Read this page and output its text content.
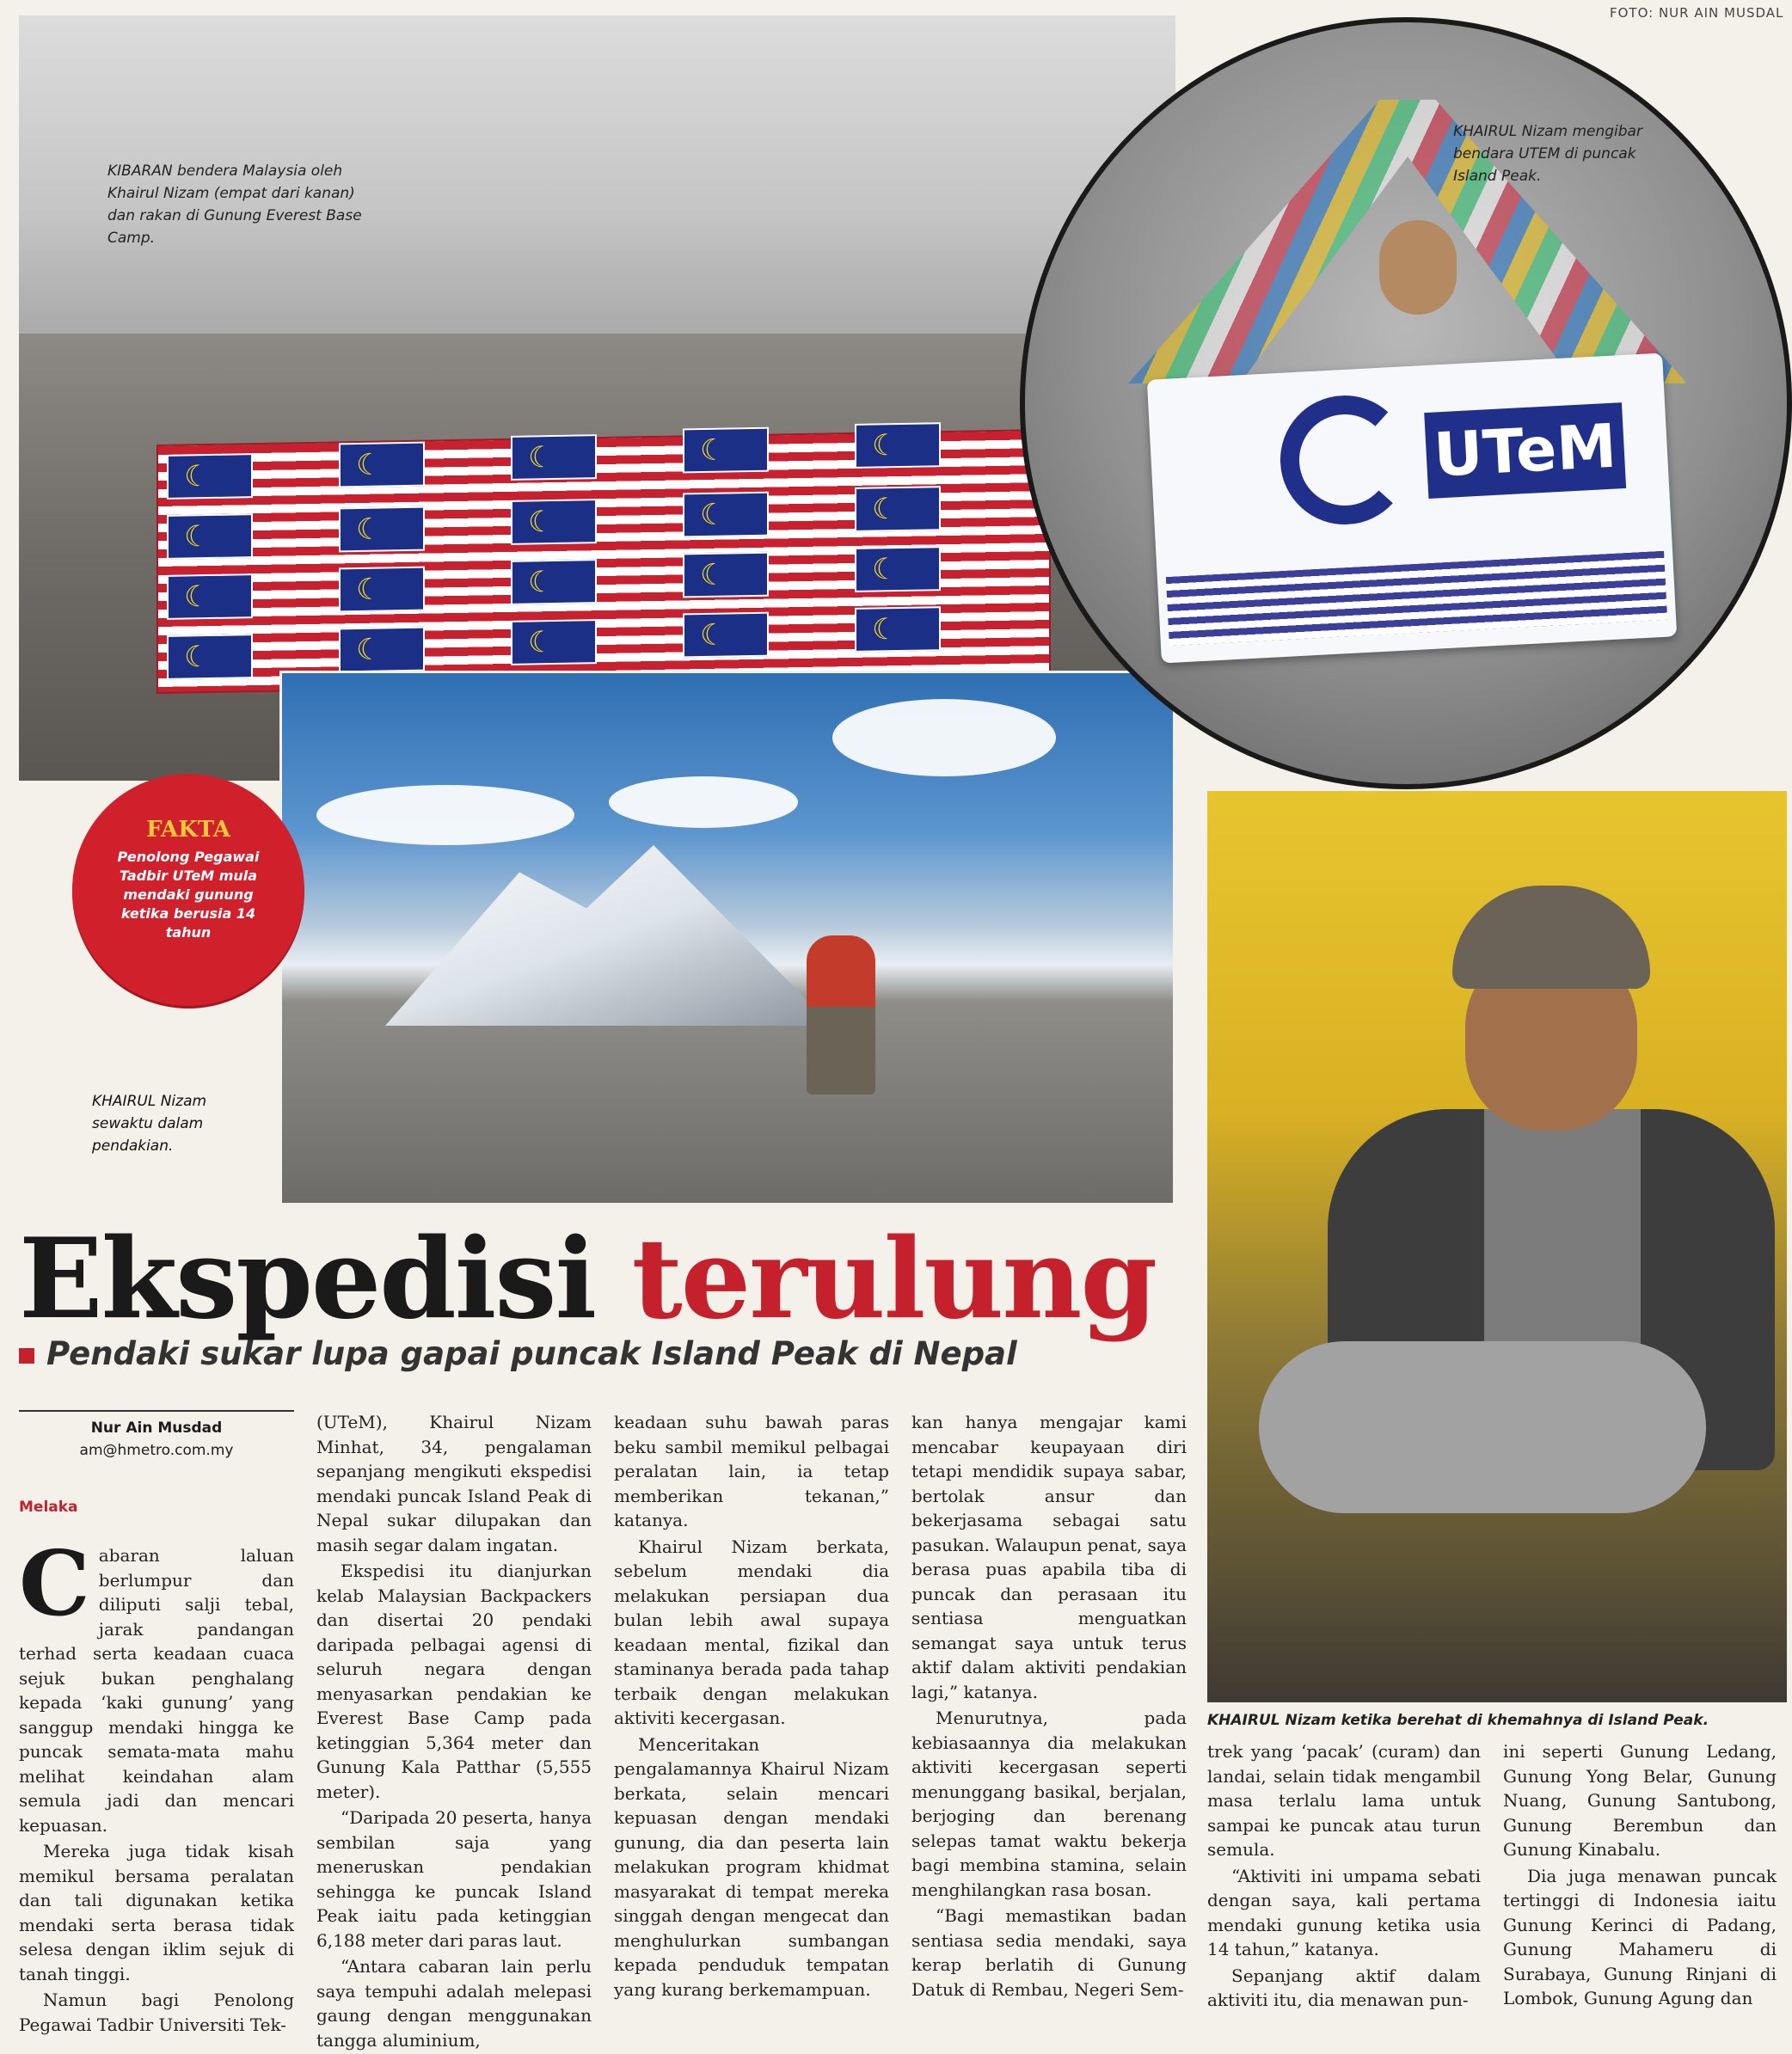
☾
☾
☾
☾
☾
☾
☾
☾
☾
☾
☾
☾
☾
☾
☾
☾
☾
☾
☾
☾
KIBARAN bendera Malaysia oleh Khairul Nizam (empat dari kanan) dan rakan di Gunung Everest Base Camp.
KHAIRUL Nizam sewaktu dalam pendakian.
UTeM
KHAIRUL Nizam mengibar bendara UTEM di puncak Island Peak.
FOTO: NUR AIN MUSDAL
KHAIRUL Nizam ketika berehat di khemahnya di Island Peak.
FAKTA
Penolong Pegawai Tadbir UTeM mula mendaki gunung ketika berusia 14 tahun
Ekspedisi terulung
Pendaki sukar lupa gapai puncak Island Peak di Nepal
Nur Ain Musdad
am@hmetro.com.my
Melaka

Cabaran laluan berlumpur dan diliputi salji tebal, jarak pandangan terhad serta keadaan cuaca sejuk bukan penghalang kepada ‘kaki gunung’ yang sanggup mendaki hingga ke puncak semata-mata mahu melihat keindahan alam semula jadi dan mencari kepuasan.

Mereka juga tidak kisah memikul bersama peralatan dan tali digunakan ketika mendaki serta berasa tidak selesa dengan iklim sejuk di tanah tinggi.

Namun bagi Penolong Pegawai Tadbir Universiti Tek-

(UTeM), Khairul Nizam Minhat, 34, pengalaman sepanjang mengikuti ekspedisi mendaki puncak Island Peak di Nepal sukar dilupakan dan masih segar dalam ingatan.

Ekspedisi itu dianjurkan kelab Malaysian Backpackers dan disertai 20 pendaki daripada pelbagai agensi di seluruh negara dengan menyasarkan pendakian ke Everest Base Camp pada ketinggian 5,364 meter dan Gunung Kala Patthar (5,555 meter).

“Daripada 20 peserta, hanya sembilan saja yang meneruskan pendakian sehingga ke puncak Island Peak iaitu pada ketinggian 6,188 meter dari paras laut.

“Antara cabaran lain perlu saya tempuhi adalah melepasi gaung dengan menggunakan tangga aluminium,

keadaan suhu bawah paras beku sambil memikul pelbagai peralatan lain, ia tetap memberikan tekanan,” katanya.

Khairul Nizam berkata, sebelum mendaki dia melakukan persiapan dua bulan lebih awal supaya keadaan mental, fizikal dan staminanya berada pada tahap terbaik dengan melakukan aktiviti kecergasan.

Menceritakan pengalamannya Khairul Nizam berkata, selain mencari kepuasan dengan mendaki gunung, dia dan peserta lain melakukan program khidmat masyarakat di tempat mereka singgah dengan mengecat dan menghulurkan sumbangan kepada penduduk tempatan yang kurang berkemampuan.

kan hanya mengajar kami mencabar keupayaan diri tetapi mendidik supaya sabar, bertolak ansur dan bekerjasama sebagai satu pasukan. Walaupun penat, saya berasa puas apabila tiba di puncak dan perasaan itu sentiasa menguatkan semangat saya untuk terus aktif dalam aktiviti pendakian lagi,” katanya.

Menurutnya, pada kebiasaannya dia melakukan aktiviti kecergasan seperti menunggang basikal, berjalan, berjoging dan berenang selepas tamat waktu bekerja bagi membina stamina, selain menghilangkan rasa bosan.

“Bagi memastikan badan sentiasa sedia mendaki, saya kerap berlatih di Gunung Datuk di Rembau, Negeri Sem-

trek yang ‘pacak’ (curam) dan landai, selain tidak mengambil masa terlalu lama untuk sampai ke puncak atau turun semula.

“Aktiviti ini umpama sebati dengan saya, kali pertama mendaki gunung ketika usia 14 tahun,” katanya.

Sepanjang aktif dalam aktiviti itu, dia menawan pun-

ini seperti Gunung Ledang, Gunung Yong Belar, Gunung Nuang, Gunung Santubong, Gunung Berembun dan Gunung Kinabalu.

Dia juga menawan puncak tertinggi di Indonesia iaitu Gunung Kerinci di Padang, Gunung Mahameru di Surabaya, Gunung Rinjani di Lombok, Gunung Agung dan
